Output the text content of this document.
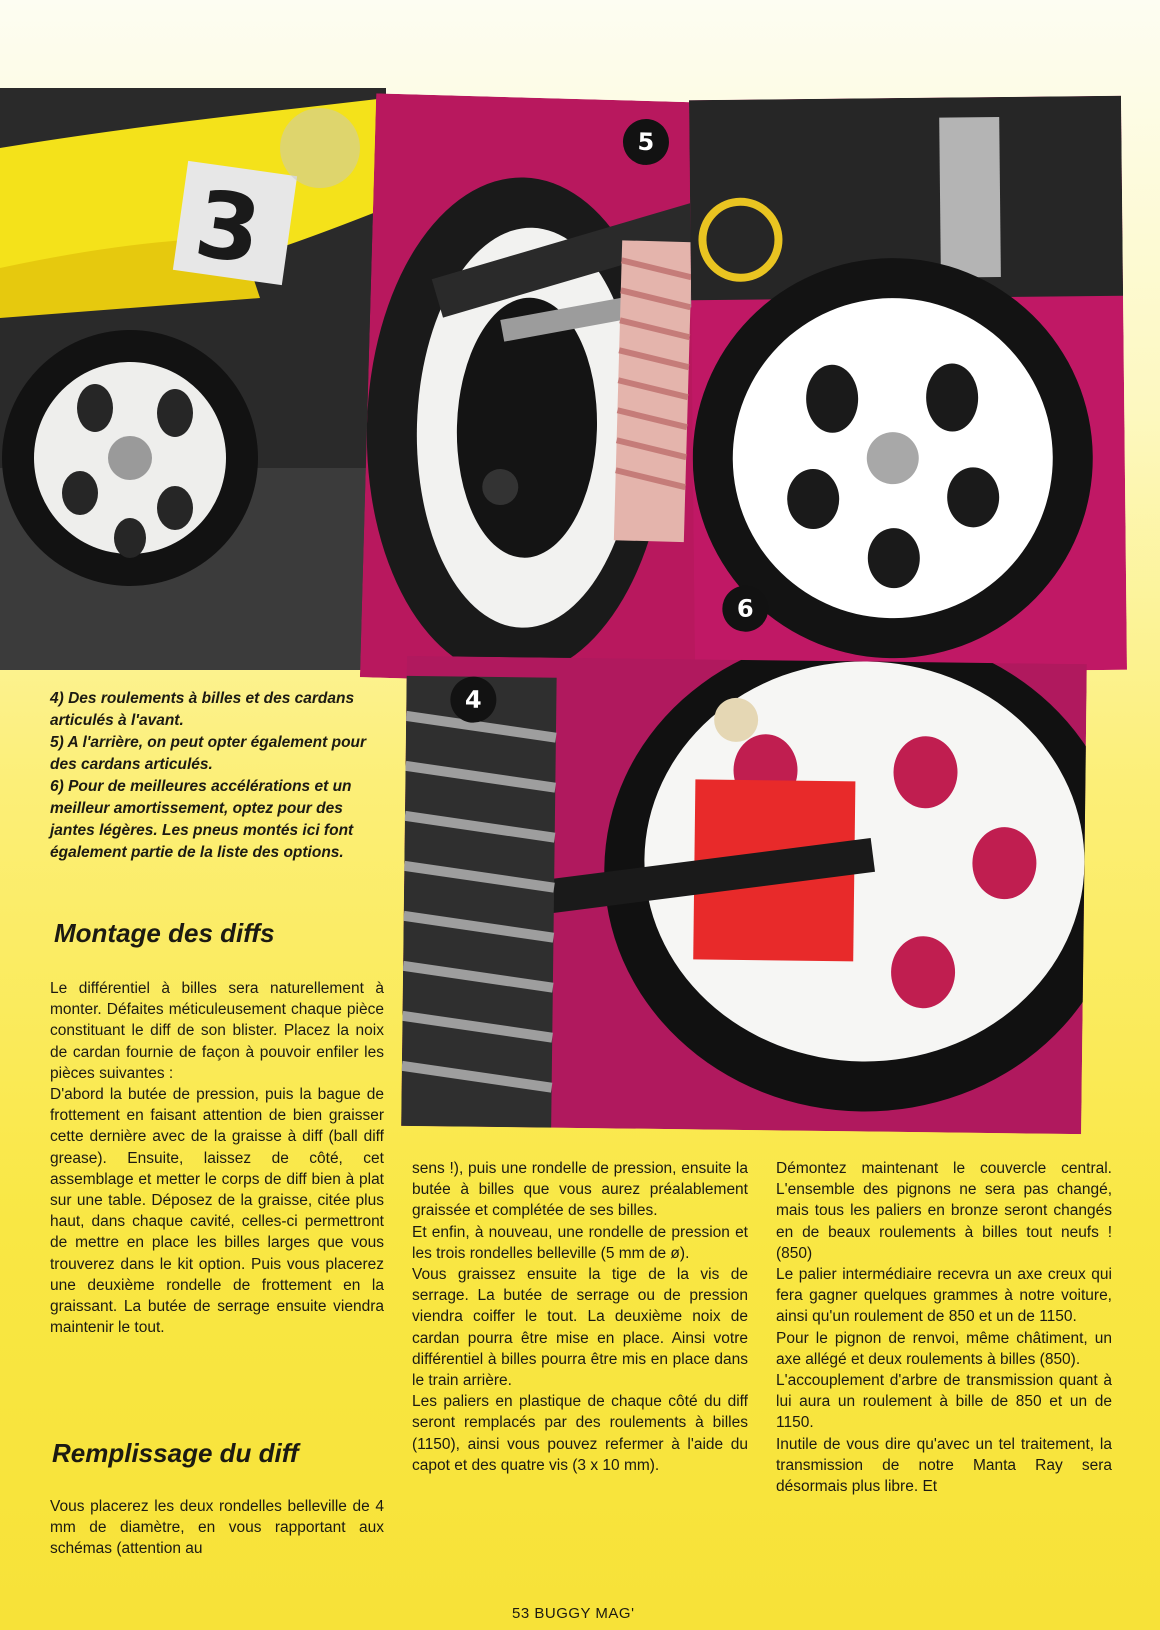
3
5
6
4

4) Des roulements à billes et des cardans articulés à l'avant.

5) A l'arrière, on peut opter également pour des cardans articulés.

6) Pour de meilleures accélérations et un meilleur amortissement, optez pour des jantes légères. Les pneus montés ici font également partie de la liste des options.

Montage des diffs

Le différentiel à billes sera naturellement à monter. Défaites méticuleusement chaque pièce constituant le diff de son blister. Placez la noix de cardan fournie de façon à pouvoir enfiler les pièces suivantes :

D'abord la butée de pression, puis la bague de frottement en faisant attention de bien graisser cette dernière avec de la graisse à diff (ball diff grease). Ensuite, laissez de côté, cet assemblage et metter le corps de diff bien à plat sur une table. Déposez de la graisse, citée plus haut, dans chaque cavité, celles-ci permettront de mettre en place les billes larges que vous trouverez dans le kit option. Puis vous placerez une deuxième rondelle de frottement en la graissant. La butée de serrage ensuite viendra maintenir le tout.

Remplissage du diff

Vous placerez les deux rondelles belleville de 4 mm de diamètre, en vous rapportant aux schémas (attention au

sens !), puis une rondelle de pression, ensuite la butée à billes que vous aurez préalablement graissée et complétée de ses billes.

Et enfin, à nouveau, une rondelle de pression et les trois rondelles belleville (5 mm de ø).

Vous graissez ensuite la tige de la vis de serrage. La butée de serrage ou de pression viendra coiffer le tout. La deuxième noix de cardan pourra être mise en place. Ainsi votre différentiel à billes pourra être mis en place dans le train arrière.

Les paliers en plastique de chaque côté du diff seront remplacés par des roulements à billes (1150), ainsi vous pouvez refermer à l'aide du capot et des quatre vis (3 x 10 mm).

Démontez maintenant le couvercle central. L'ensemble des pignons ne sera pas changé, mais tous les paliers en bronze seront changés en de beaux roulements à billes tout neufs ! (850)

Le palier intermédiaire recevra un axe creux qui fera gagner quelques grammes à notre voiture, ainsi qu'un roulement de 850 et un de 1150.

Pour le pignon de renvoi, même châtiment, un axe allégé et deux roulements à billes (850).

L'accouplement d'arbre de transmission quant à lui aura un roulement à bille de 850 et un de 1150.

Inutile de vous dire qu'avec un tel traitement, la transmission de notre Manta Ray sera désormais plus libre. Et

53 BUGGY MAG'
